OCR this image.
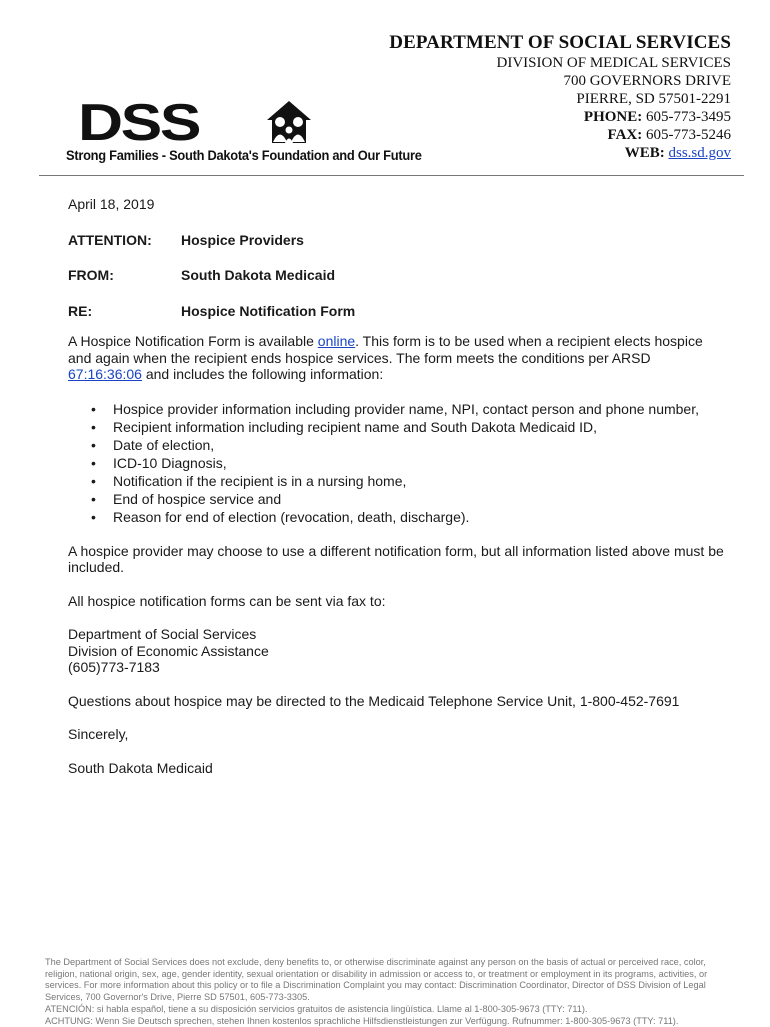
DEPARTMENT OF SOCIAL SERVICES
DIVISION OF MEDICAL SERVICES
700 GOVERNORS DRIVE
PIERRE, SD 57501-2291
PHONE: 605-773-3495
FAX: 605-773-5246
WEB: dss.sd.gov
DSS
Strong Families - South Dakota's Foundation and Our Future

April 18, 2019

ATTENTION:	Hospice Providers
FROM:	South Dakota Medicaid
RE:	Hospice Notification Form

A Hospice Notification Form is available online. This form is to be used when a recipient elects hospice and again when the recipient ends hospice services. The form meets the conditions per ARSD 67:16:36:06 and includes the following information:

• Hospice provider information including provider name, NPI, contact person and phone number,
• Recipient information including recipient name and South Dakota Medicaid ID,
• Date of election,
• ICD-10 Diagnosis,
• Notification if the recipient is in a nursing home,
• End of hospice service and
• Reason for end of election (revocation, death, discharge).

A hospice provider may choose to use a different notification form, but all information listed above must be included.

All hospice notification forms can be sent via fax to:

Department of Social Services
Division of Economic Assistance
(605)773-7183

Questions about hospice may be directed to the Medicaid Telephone Service Unit, 1-800-452-7691

Sincerely,

South Dakota Medicaid

The Department of Social Services does not exclude, deny benefits to, or otherwise discriminate against any person on the basis of actual or perceived race, color, religion, national origin, sex, age, gender identity, sexual orientation or disability in admission or access to, or treatment or employment in its programs, activities, or services. For more information about this policy or to file a Discrimination Complaint you may contact: Discrimination Coordinator, Director of DSS Division of Legal Services, 700 Governor's Drive, Pierre SD 57501, 605-773-3305.
ATENCIÓN: si habla español, tiene a su disposición servicios gratuitos de asistencia lingüística. Llame al 1-800-305-9673 (TTY: 711).
ACHTUNG: Wenn Sie Deutsch sprechen, stehen Ihnen kostenlos sprachliche Hilfsdienstleistungen zur Verfügung. Rufnummer: 1-800-305-9673 (TTY: 711).
